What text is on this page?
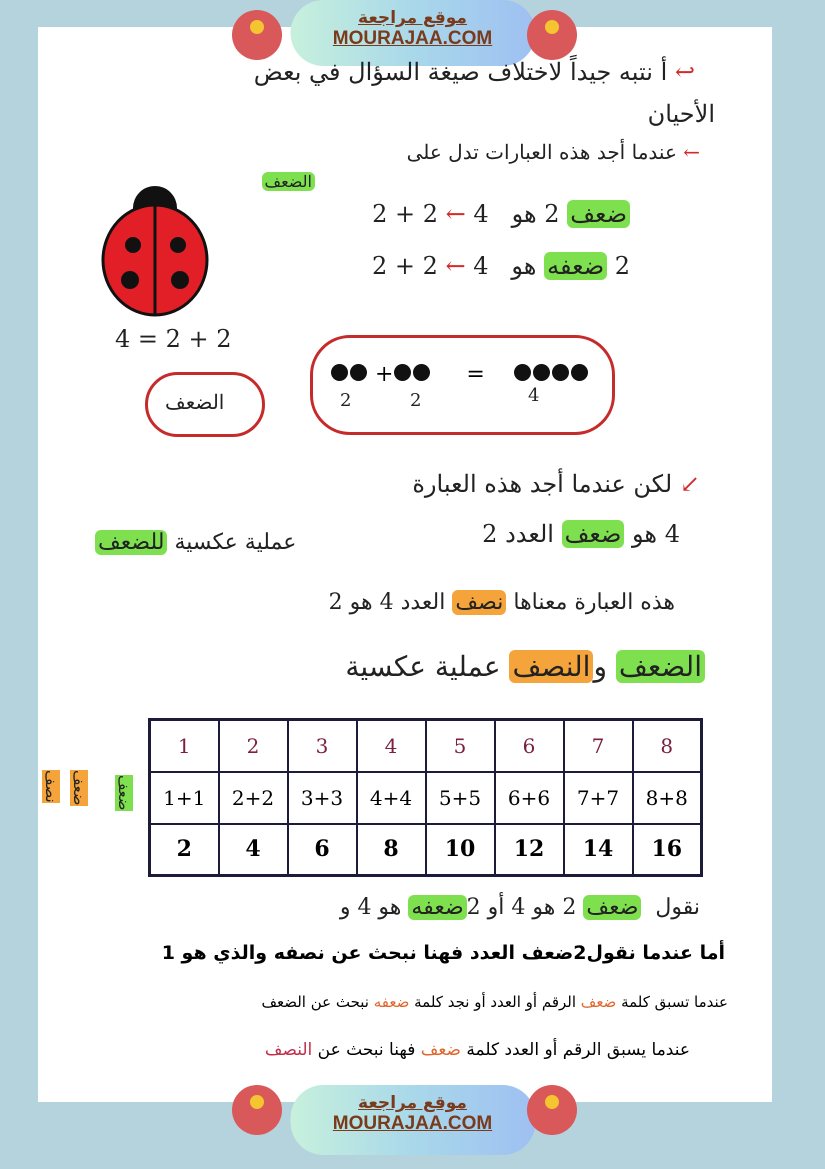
موقع مراجعة
MOURAJAA.COM
↩ أ نتبه جيداً لاختلاف صيغة السؤال في بعض
الأحيان
← عندما أجد هذه العبارات تدل على
الضعف
ضعف 2 هو   2 + 2 ← 4
2 ضعفه هو   2 + 2 ← 4
4 = 2 + 2
الضعف
+	=
2	2	4
↙ لكن عندما أجد هذه العبارة
4 هو ضعف العدد 2
عملية عكسية للضعف
هذه العبارة معناها نصف العدد 4 هو 2
الضعف والنصف عملية عكسية
1	2	3	4	5	6	7	8
1+1	2+2	3+3	4+4	5+5	6+6	7+7	8+8
2	4	6	8	10	12	14	16
نصف ضعف ضعف
نقول  ضعف 2 هو 4 أو 2ضعفه هو 4 و
أما عندما نقول2ضعف العدد فهنا نبحث عن نصفه والذي هو 1
عندما تسبق كلمة ضعف الرقم أو العدد أو نجد كلمة ضعفه نبحث عن الضعف
عندما يسبق الرقم أو العدد كلمة ضعف فهنا نبحث عن النصف
موقع مراجعة
MOURAJAA.COM
